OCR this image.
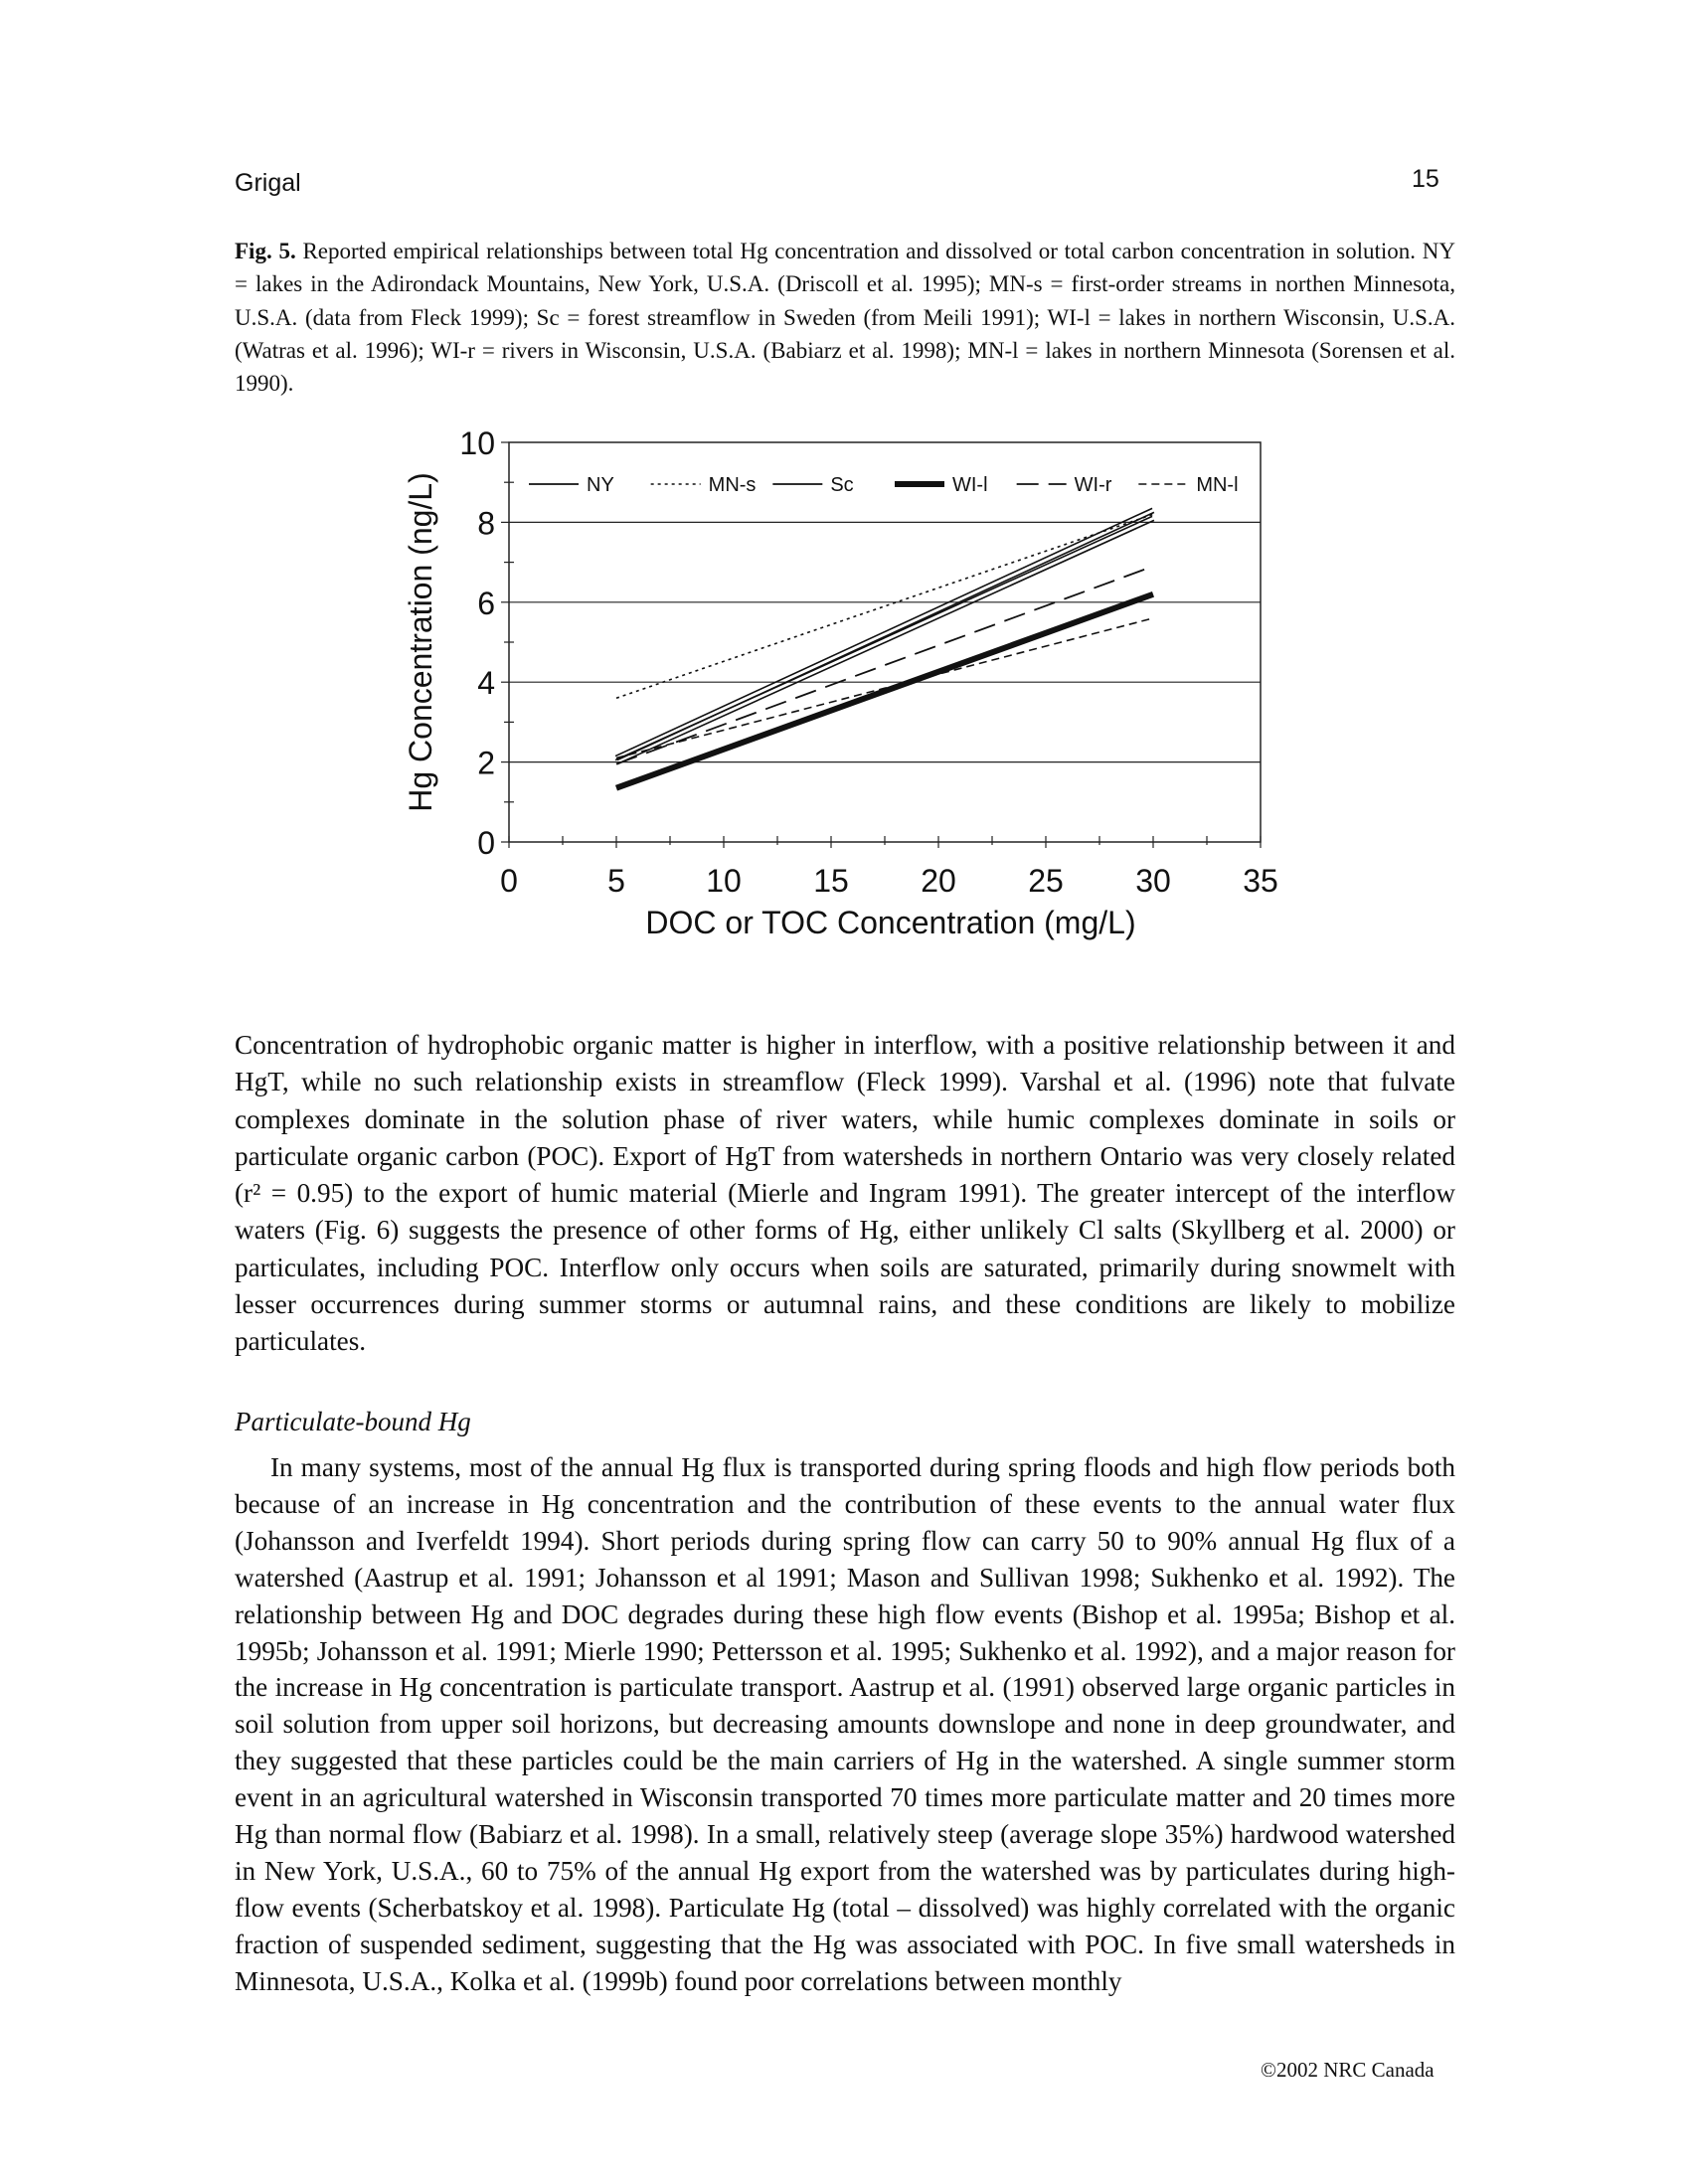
Grigal	15
Fig. 5. Reported empirical relationships between total Hg concentration and dissolved or total carbon concentration in solution. NY = lakes in the Adirondack Mountains, New York, U.S.A. (Driscoll et al. 1995); MN-s = first-order streams in northen Minnesota, U.S.A. (data from Fleck 1999); Sc = forest streamflow in Sweden (from Meili 1991); WI-l = lakes in northern Wisconsin, U.S.A. (Watras et al. 1996); WI-r = rivers in Wisconsin, U.S.A. (Babiarz et al. 1998); MN-l = lakes in northern Minnesota (Sorensen et al. 1990).
0
2
4
6
8
10
0	5	10 15 20 25 30 35
DOC or TOC Concentration (mg/L)
Hg Concentration (ng/L)	NY	MN-s	Sc	WI-l	WI-r	MN-l

Concentration of hydrophobic organic matter is higher in interflow, with a positive relationship between it and HgT, while no such relationship exists in streamflow (Fleck 1999). Varshal et al. (1996) note that fulvate complexes dominate in the solution phase of river waters, while humic complexes dominate in soils or particulate organic carbon (POC). Export of HgT from watersheds in northern Ontario was very closely related (r² = 0.95) to the export of humic material (Mierle and Ingram 1991). The greater intercept of the interflow waters (Fig. 6) suggests the presence of other forms of Hg, either unlikely Cl salts (Skyllberg et al. 2000) or particulates, including POC. Interflow only occurs when soils are saturated, primarily during snowmelt with lesser occurrences during summer storms or autumnal rains, and these conditions are likely to mobilize particulates.

Particulate-bound Hg

In many systems, most of the annual Hg flux is transported during spring floods and high flow periods both because of an increase in Hg concentration and the contribution of these events to the annual water flux (Johansson and Iverfeldt 1994). Short periods during spring flow can carry 50 to 90% annual Hg flux of a watershed (Aastrup et al. 1991; Johansson et al 1991; Mason and Sullivan 1998; Sukhenko et al. 1992). The relationship between Hg and DOC degrades during these high flow events (Bishop et al. 1995a; Bishop et al. 1995b; Johansson et al. 1991; Mierle 1990; Pettersson et al. 1995; Sukhenko et al. 1992), and a major reason for the increase in Hg concentration is particulate transport. Aastrup et al. (1991) observed large organic particles in soil solution from upper soil horizons, but decreasing amounts downslope and none in deep groundwater, and they suggested that these particles could be the main carriers of Hg in the watershed. A single summer storm event in an agricultural watershed in Wisconsin transported 70 times more particulate matter and 20 times more Hg than normal flow (Babiarz et al. 1998). In a small, relatively steep (average slope 35%) hardwood watershed in New York, U.S.A., 60 to 75% of the annual Hg export from the watershed was by particulates during high-flow events (Scherbatskoy et al. 1998). Particulate Hg (total – dissolved) was highly correlated with the organic fraction of suspended sediment, suggesting that the Hg was associated with POC. In five small watersheds in Minnesota, U.S.A., Kolka et al. (1999b) found poor correlations between monthly

©2002 NRC Canada
